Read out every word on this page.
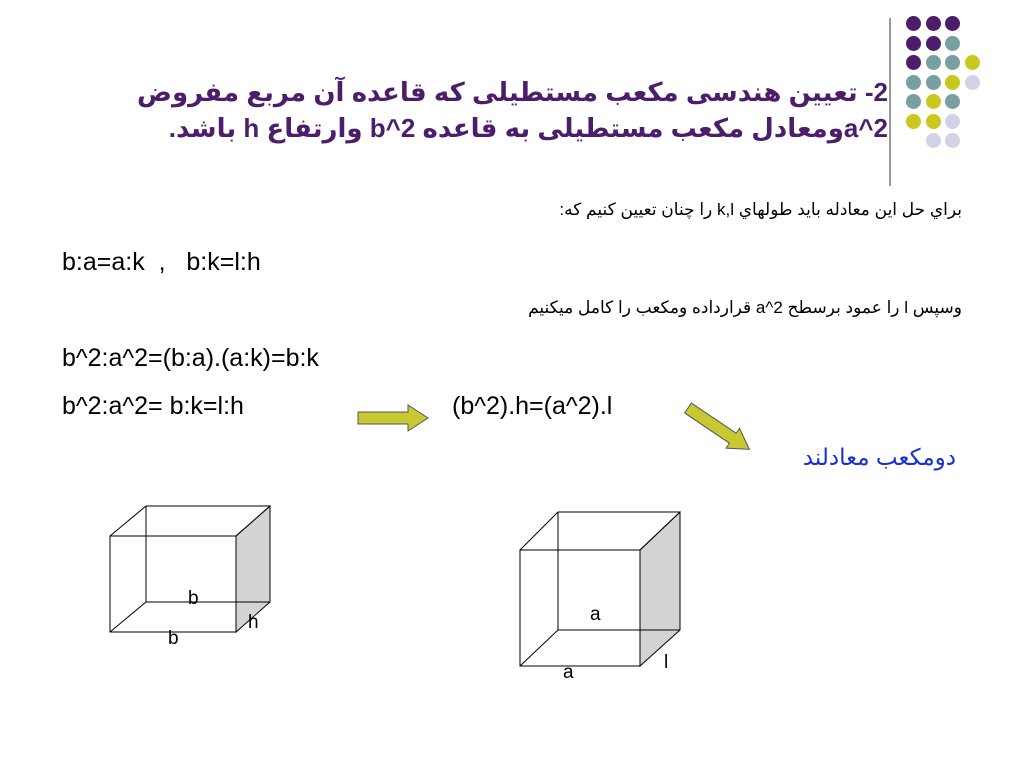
2- تعيين هندسی مکعب مستطيلی که قاعده آن مربع مفروض a^2ومعادل مکعب مستطيلی به قاعده b^2 وارتفاع h باشد.
براي حل اين معادله بايد طولهاي k,l را چنان تعيين كنيم كه:
b:a=a:k  ,   b:k=l:h
وسپس l را عمود برسطح a^2 قرارداده ومكعب را كامل ميكنيم
b^2:a^2=(b:a).(a:k)=b:k
b^2:a^2= b:k=l:h	(b^2).h=(a^2).l
دومکعب معادلند
b
b
h	a
a	l
